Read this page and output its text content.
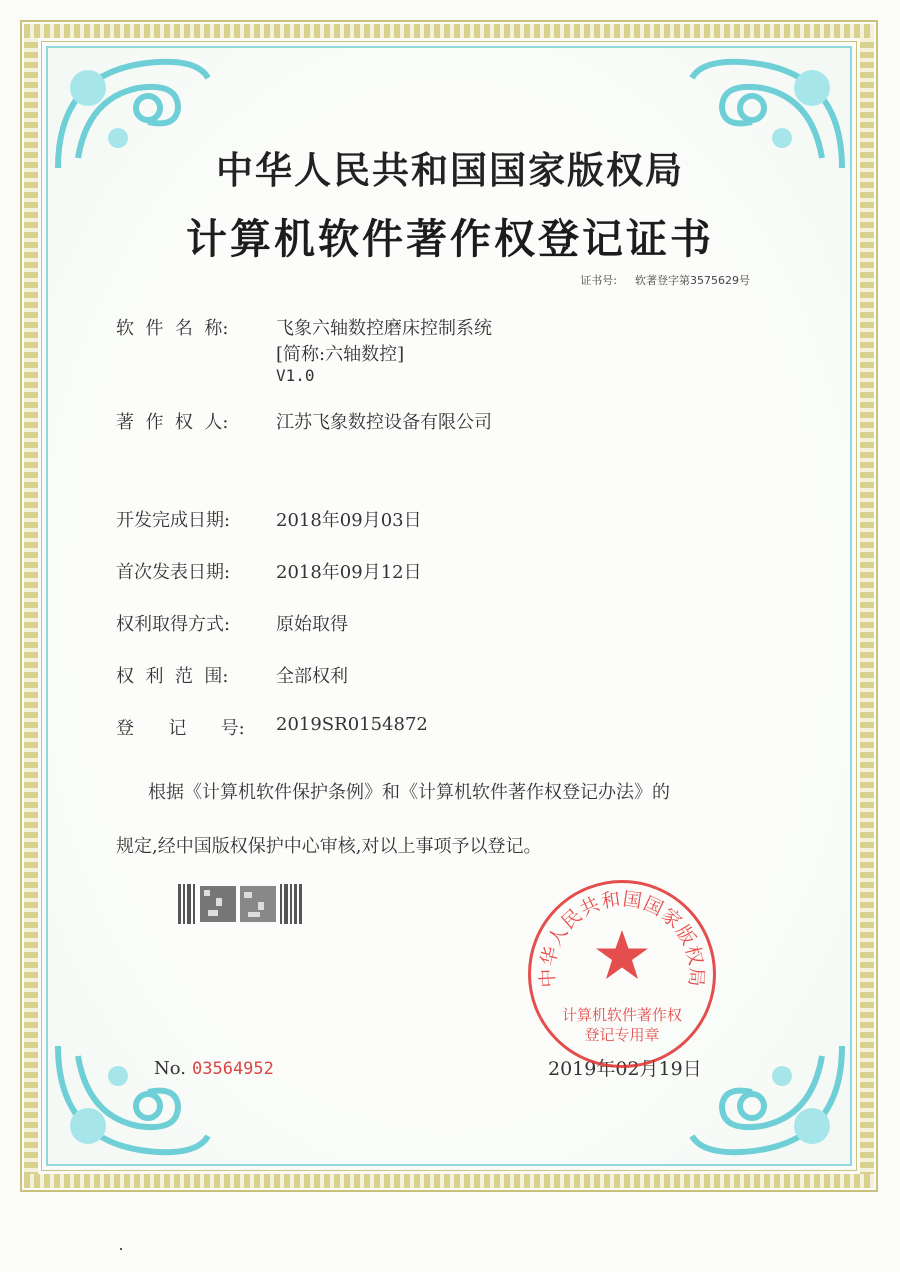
中华人民共和国国家版权局
计算机软件著作权登记证书
证书号: 软著登字第3575629号
软  件  名  称:	飞象六轴数控磨床控制系统
[简称:六轴数控]
V1.0
著  作  权  人:	江苏飞象数控设备有限公司
开发完成日期:	2018年09月03日
首次发表日期:	2018年09月12日
权利取得方式:	原始取得
权  利  范  围:	全部权利
登      记      号:	2019SR0154872
根据《计算机软件保护条例》和《计算机软件著作权登记办法》的
规定,经中国版权保护中心审核,对以上事项予以登记。
No. 03564952	2019年02月19日
中华人民共和国国家版权局
计算机软件著作权
登记专用章
